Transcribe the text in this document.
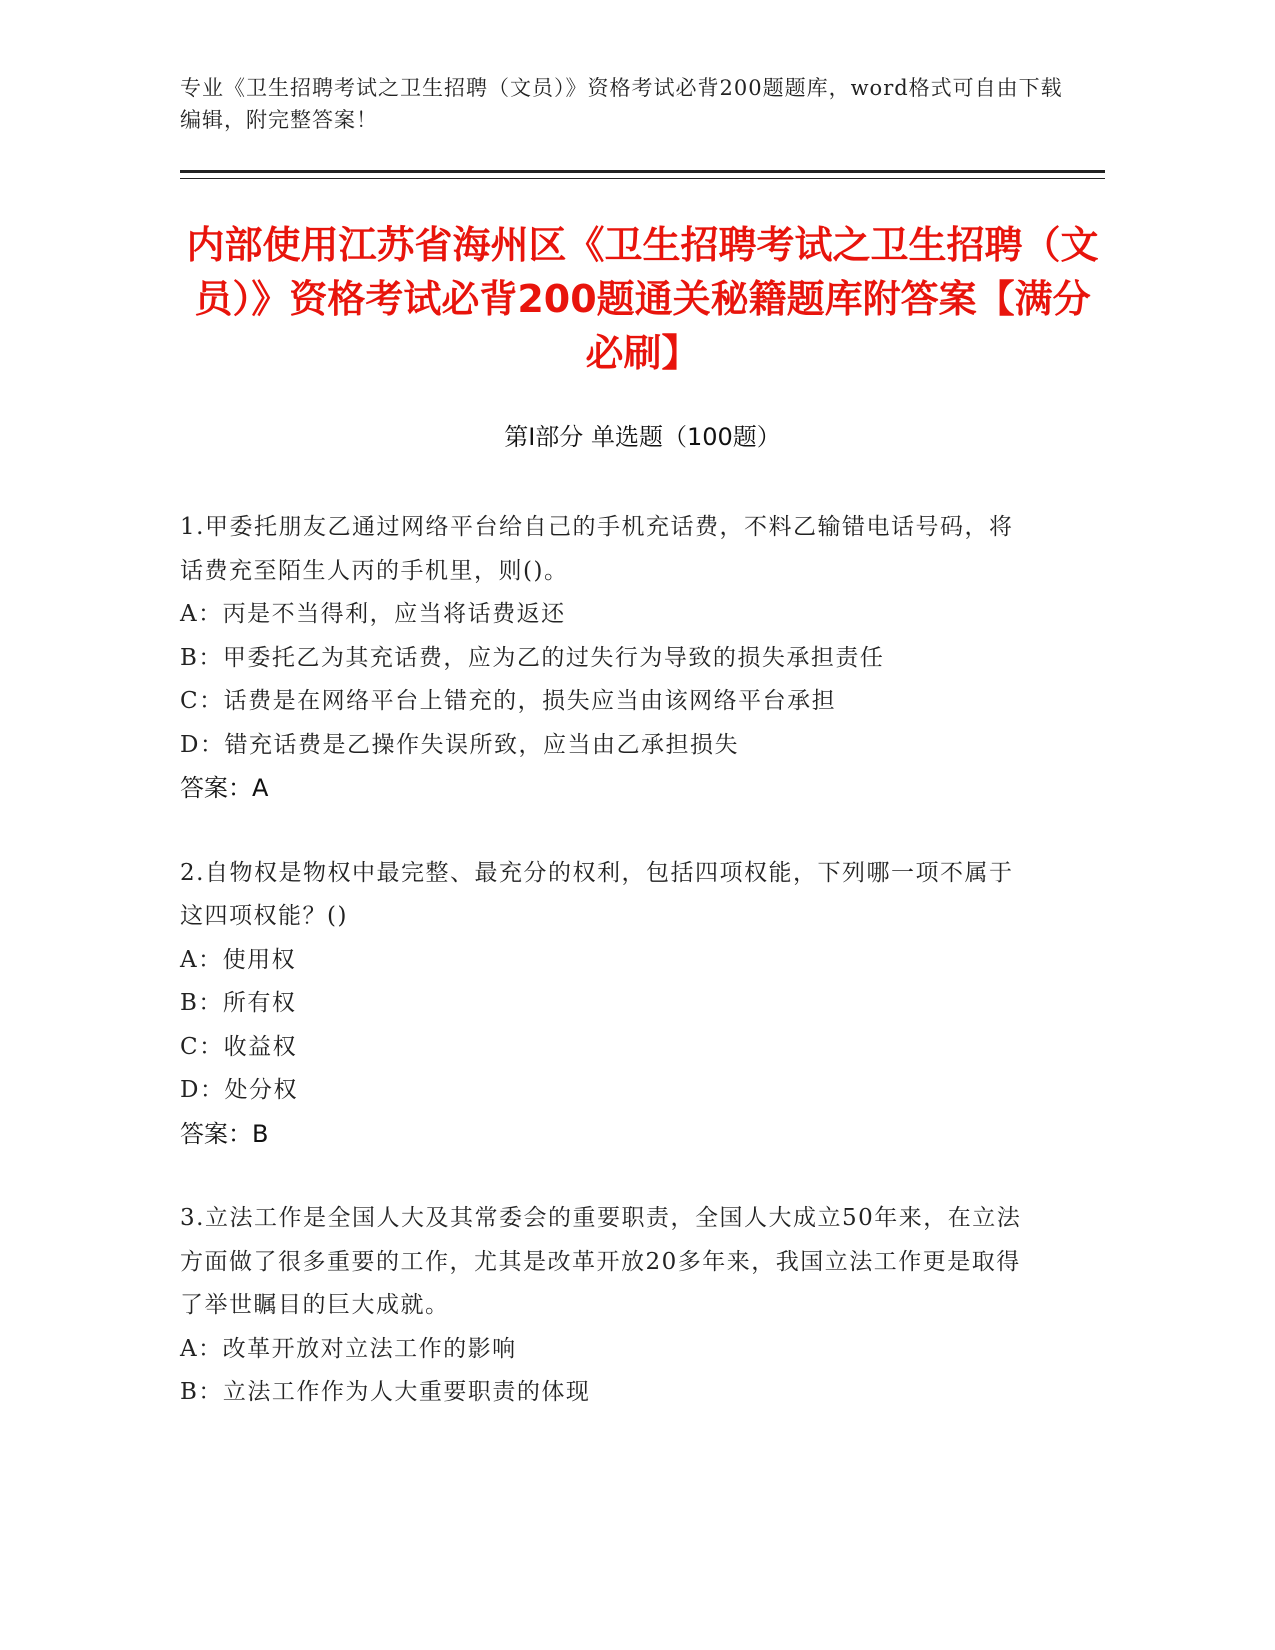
专业《卫生招聘考试之卫生招聘（文员）》资格考试必背200题题库，word格式可自由下载编辑，附完整答案！
内部使用江苏省海州区《卫生招聘考试之卫生招聘（文员）》资格考试必背200题通关秘籍题库附答案【满分必刷】
第Ⅰ部分 单选题（100题）

1.甲委托朋友乙通过网络平台给自己的手机充话费，不料乙输错电话号码，将话费充至陌生人丙的手机里，则()。

A：丙是不当得利，应当将话费返还

B：甲委托乙为其充话费，应为乙的过失行为导致的损失承担责任

C：话费是在网络平台上错充的，损失应当由该网络平台承担

D：错充话费是乙操作失误所致，应当由乙承担损失

答案：A

2.自物权是物权中最完整、最充分的权利，包括四项权能，下列哪一项不属于这四项权能？()

A：使用权

B：所有权

C：收益权

D：处分权

答案：B

3.立法工作是全国人大及其常委会的重要职责，全国人大成立50年来，在立法方面做了很多重要的工作，尤其是改革开放20多年来，我国立法工作更是取得了举世瞩目的巨大成就。

A：改革开放对立法工作的影响

B：立法工作作为人大重要职责的体现
